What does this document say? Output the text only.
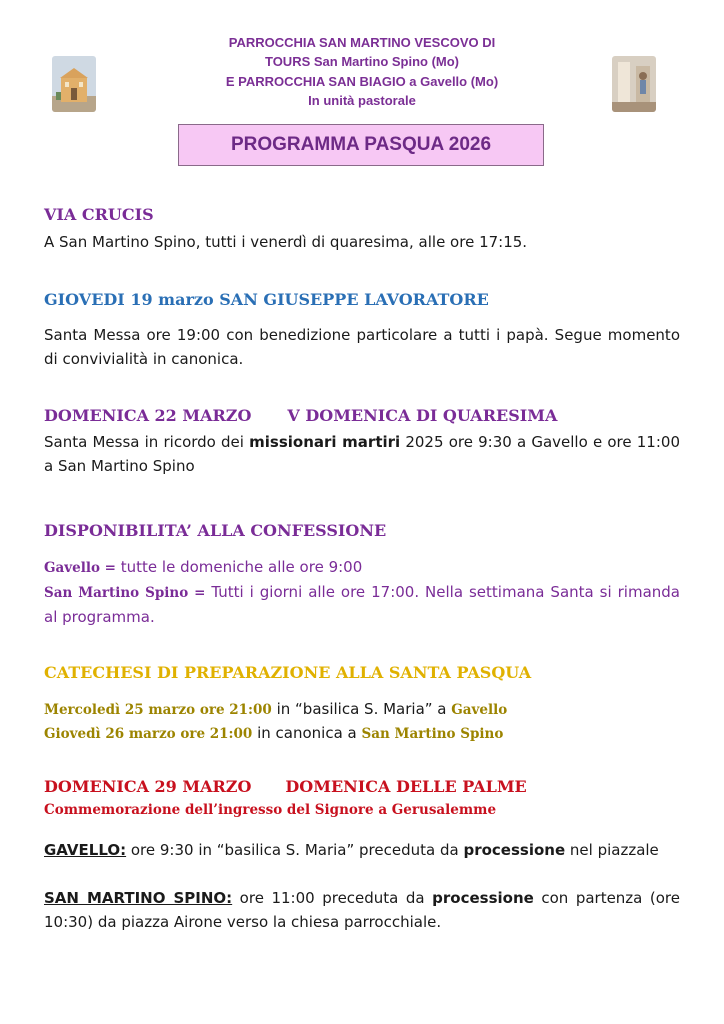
PARROCCHIA SAN MARTINO VESCOVO DI
TOURS San Martino Spino (Mo)
E PARROCCHIA SAN BIAGIO a Gavello (Mo)
In unità pastorale
PROGRAMMA PASQUA 2026
VIA CRUCIS
A San Martino Spino, tutti i venerdì di quaresima, alle ore 17:15.
GIOVEDI 19 marzo SAN GIUSEPPE LAVORATORE
Santa Messa ore 19:00 con benedizione particolare a tutti i papà. Segue momento di convivialità in canonica.
DOMENICA 22 MARZO V DOMENICA DI QUARESIMA
Santa Messa in ricordo dei missionari martiri 2025 ore 9:30 a Gavello e ore 11:00 a San Martino Spino
DISPONIBILITA’ ALLA CONFESSIONE
Gavello = tutte le domeniche alle ore 9:00
San Martino Spino = Tutti i giorni alle ore 17:00. Nella settimana Santa si rimanda al programma.
CATECHESI DI PREPARAZIONE ALLA SANTA PASQUA
Mercoledì 25 marzo ore 21:00 in “basilica S. Maria” a Gavello
Giovedì 26 marzo ore 21:00 in canonica a San Martino Spino
DOMENICA 29 MARZO DOMENICA DELLE PALME
Commemorazione dell’ingresso del Signore a Gerusalemme
GAVELLO: ore 9:30 in “basilica S. Maria” preceduta da processione nel piazzale
SAN MARTINO SPINO: ore 11:00 preceduta da processione con partenza (ore 10:30) da piazza Airone verso la chiesa parrocchiale.
